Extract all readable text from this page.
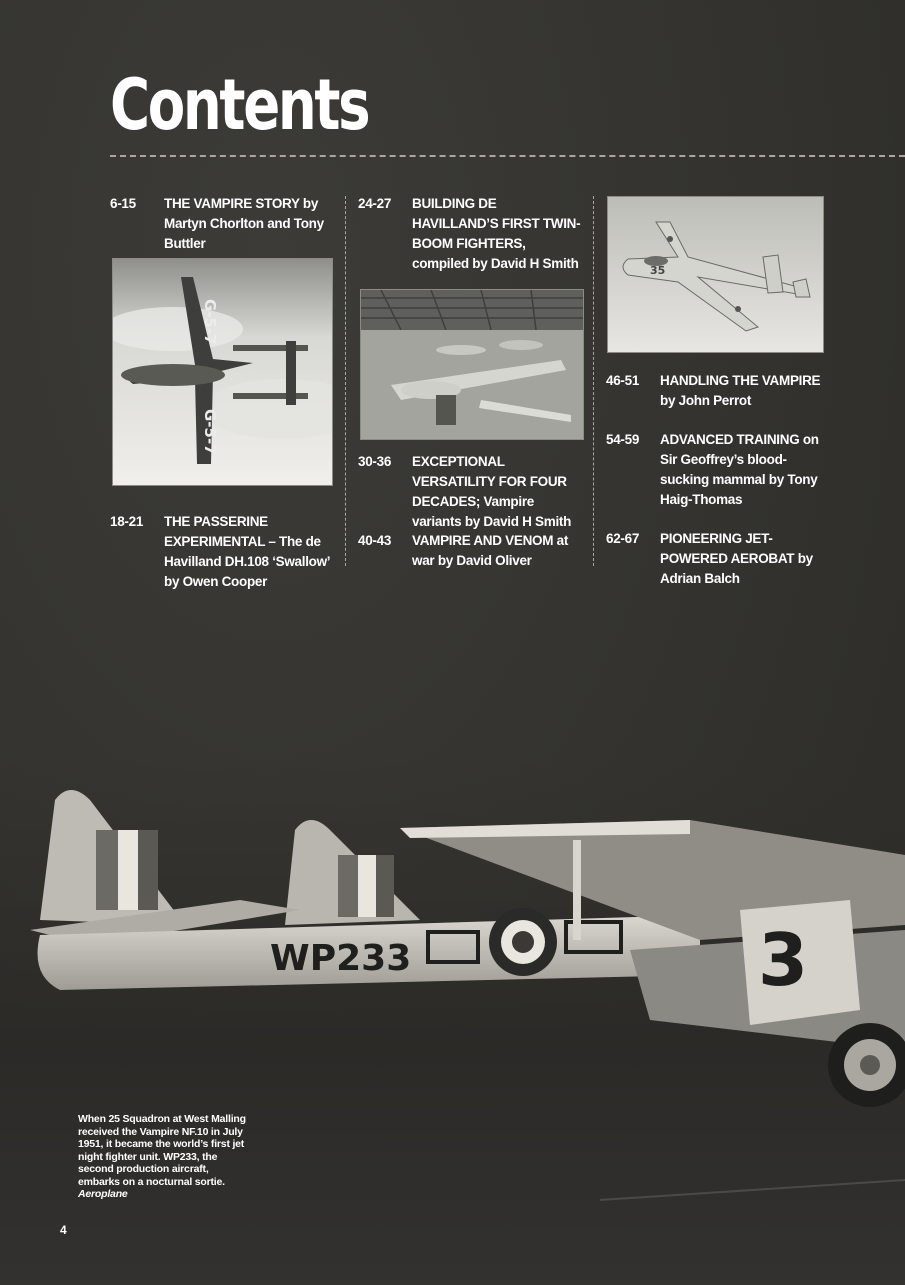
Contents
6-15	THE VAMPIRE STORY by Martyn Chorlton and Tony Buttler
G-5-7
G-5-7
18-21	THE PASSERINE EXPERIMENTAL – The de Havilland DH.108 ‘Swallow’ by Owen Cooper
24-27	BUILDING DE HAVILLAND’S FIRST TWIN-BOOM FIGHTERS, compiled by David H Smith
30-36	EXCEPTIONAL VERSATILITY FOR FOUR DECADES; Vampire variants by David H Smith
40-43	VAMPIRE AND VENOM at war by David Oliver
35
46-51	HANDLING THE VAMPIRE by John Perrot
54-59	ADVANCED TRAINING on Sir Geoffrey’s blood-sucking mammal by Tony Haig-Thomas
62-67	PIONEERING JET-POWERED AEROBAT by Adrian Balch
WP233	3
When 25 Squadron at West Malling received the Vampire NF.10 in July 1951, it became the world’s first jet night fighter unit. WP233, the second production aircraft, embarks on a nocturnal sortie. Aeroplane
4
